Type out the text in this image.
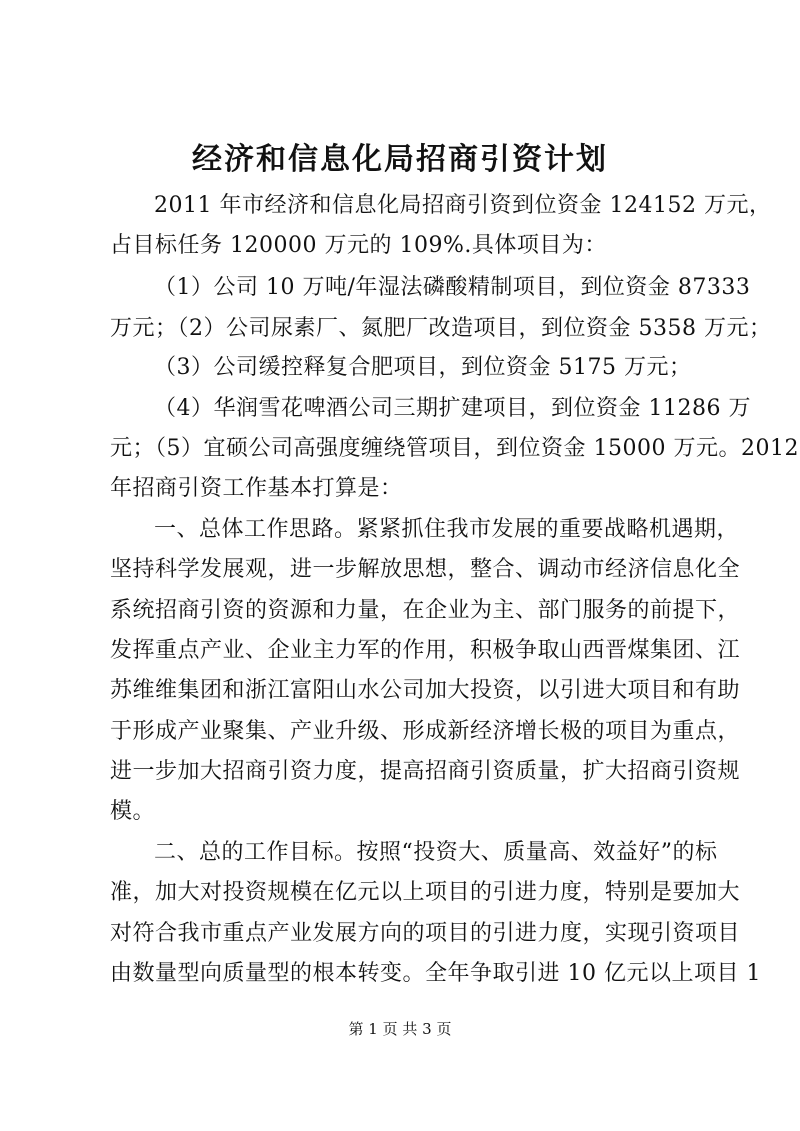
经济和信息化局招商引资计划

2011 年市经济和信息化局招商引资到位资金 124152 万元，

占目标任务 120000 万元的 109%.具体项目为：

（1）公司 10 万吨/年湿法磷酸精制项目，到位资金 87333

万元；（2）公司尿素厂、氮肥厂改造项目，到位资金 5358 万元；

（3）公司缓控释复合肥项目，到位资金 5175 万元；

（4）华润雪花啤酒公司三期扩建项目，到位资金 11286 万

元；（5）宜硕公司高强度缠绕管项目，到位资金 15000 万元。2012

年招商引资工作基本打算是：

一、总体工作思路。紧紧抓住我市发展的重要战略机遇期，

坚持科学发展观，进一步解放思想，整合、调动市经济信息化全

系统招商引资的资源和力量，在企业为主、部门服务的前提下，

发挥重点产业、企业主力军的作用，积极争取山西晋煤集团、江

苏维维集团和浙江富阳山水公司加大投资，以引进大项目和有助

于形成产业聚集、产业升级、形成新经济增长极的项目为重点，

进一步加大招商引资力度，提高招商引资质量，扩大招商引资规

模。

二、总的工作目标。按照“投资大、质量高、效益好”的标

准，加大对投资规模在亿元以上项目的引进力度，特别是要加大

对符合我市重点产业发展方向的项目的引进力度，实现引资项目

由数量型向质量型的根本转变。全年争取引进 10 亿元以上项目 1

第 1 页 共 3 页
